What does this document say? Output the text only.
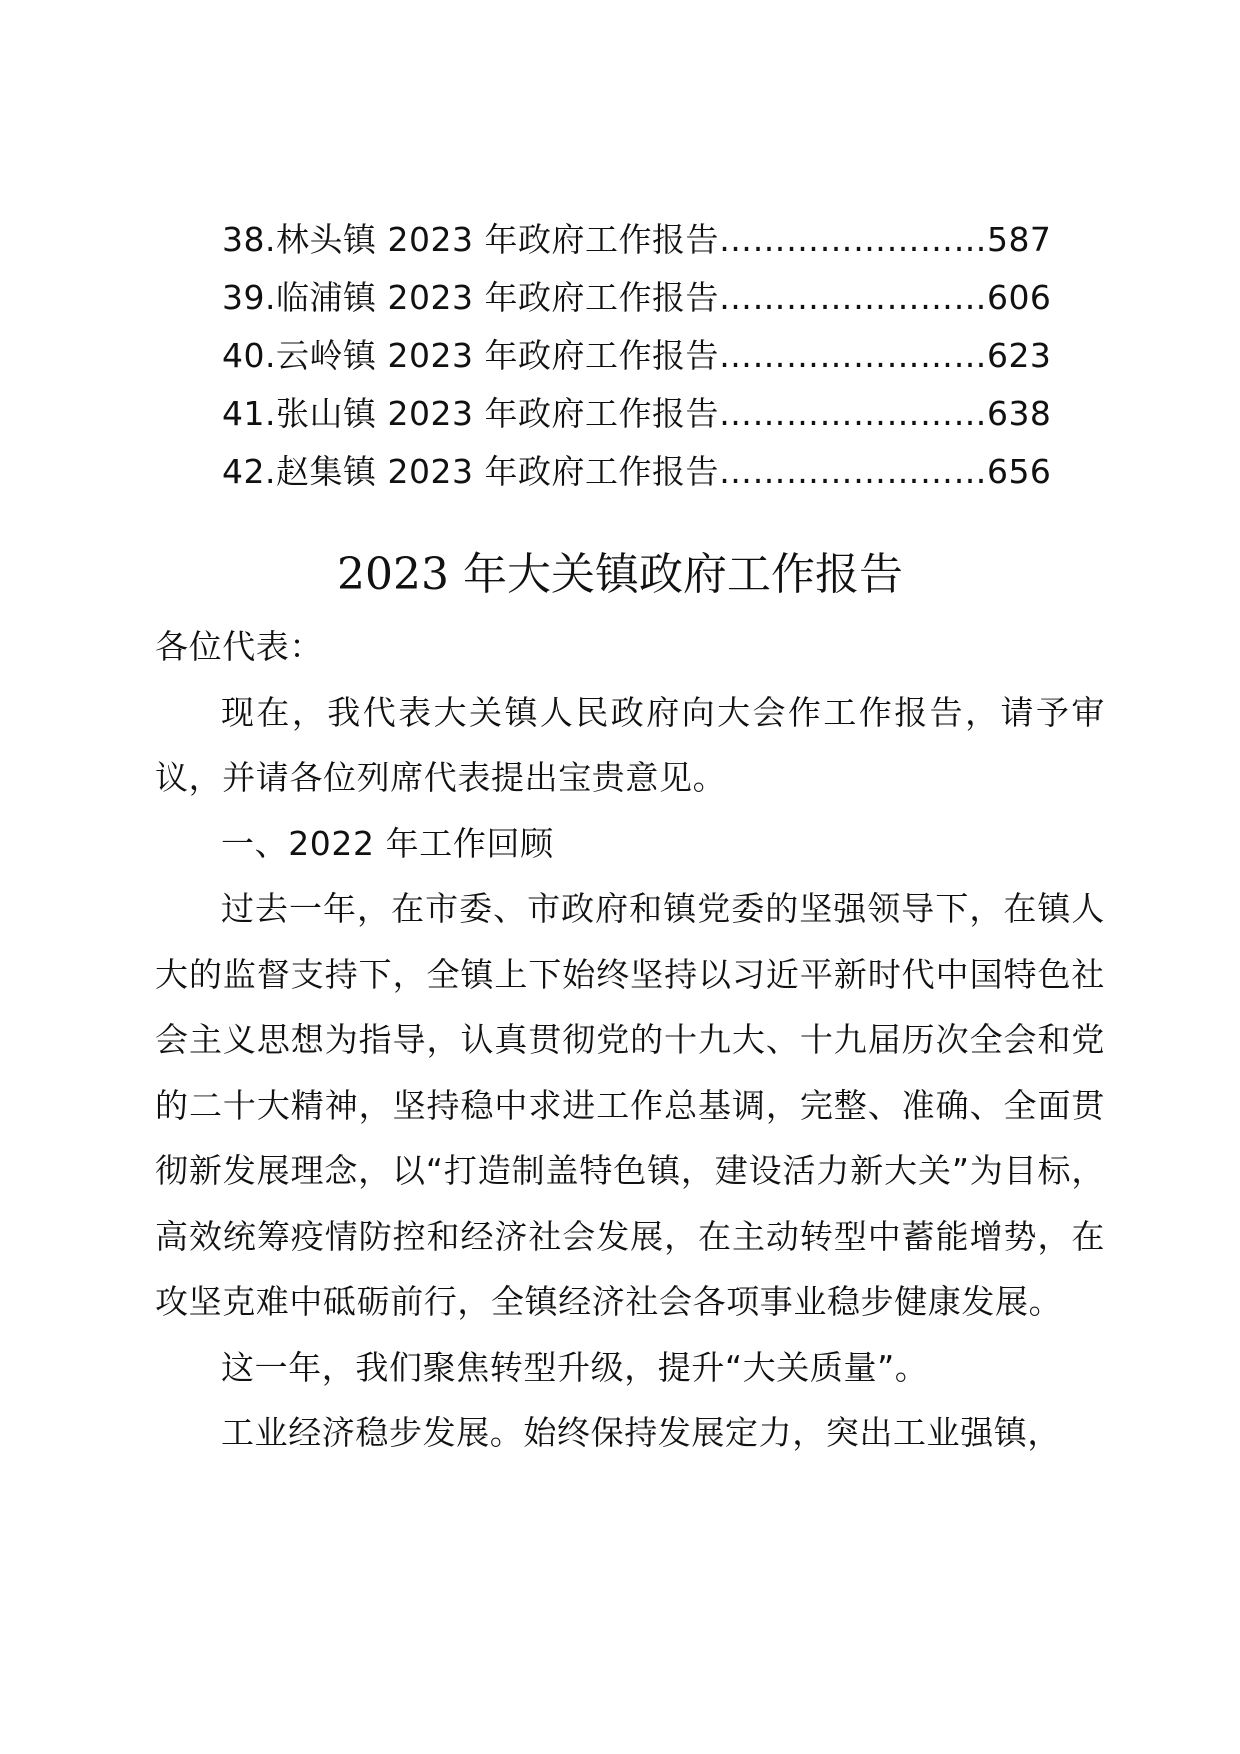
38.林头镇 2023 年政府工作报告……………………587
39.临浦镇 2023 年政府工作报告……………………606
40.云岭镇 2023 年政府工作报告……………………623
41.张山镇 2023 年政府工作报告……………………638
42.赵集镇 2023 年政府工作报告……………………656
2023 年大关镇政府工作报告

各位代表：

现在，我代表大关镇人民政府向大会作工作报告，请予审议，并请各位列席代表提出宝贵意见。

一、2022 年工作回顾

过去一年，在市委、市政府和镇党委的坚强领导下，在镇人大的监督支持下，全镇上下始终坚持以习近平新时代中国特色社会主义思想为指导，认真贯彻党的十九大、十九届历次全会和党的二十大精神，坚持稳中求进工作总基调，完整、准确、全面贯彻新发展理念，以“打造制盖特色镇，建设活力新大关”为目标，高效统筹疫情防控和经济社会发展，在主动转型中蓄能增势，在攻坚克难中砥砺前行，全镇经济社会各项事业稳步健康发展。

这一年，我们聚焦转型升级，提升“大关质量”。

工业经济稳步发展。始终保持发展定力，突出工业强镇，
